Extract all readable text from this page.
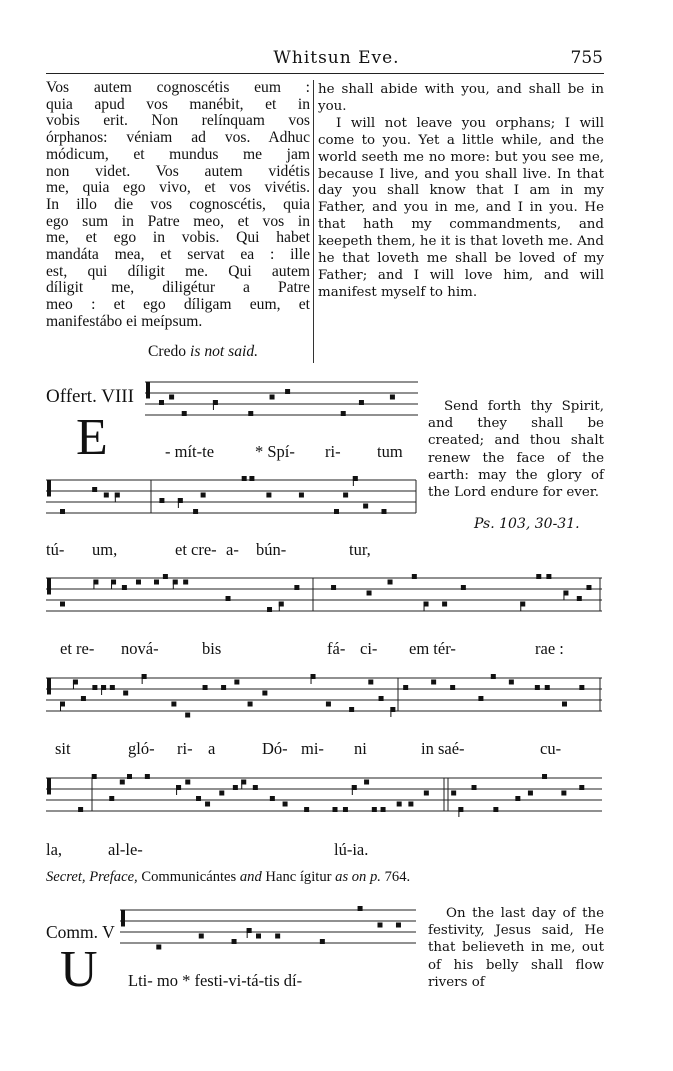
Whitsun Eve.	755

Vos autem cognoscétis eum :

quia apud vos manébit, et in

vobis erit. Non relínquam vos

órphanos: véniam ad vos. Adhuc

módicum, et mundus me jam

non videt. Vos autem vidétis

me, quia ego vivo, et vos vivétis.

In illo die vos cognoscétis, quia

ego sum in Patre meo, et vos in

me, et ego in vobis. Qui habet

mandáta mea, et servat ea : ille

est, qui díligit me. Qui autem

díligit me, diligétur a Patre

meo : et ego díligam eum, et

manifestábo ei meípsum.

he shall abide with you, and shall be in you.

I will not leave you orphans; I will come to you. Yet a little while, and the world seeth me no more: but you see me, because I live, and you shall live. In that day you shall know that I am in my Father, and you in me, and I in you. He that hath my commandments, and keepeth them, he it is that loveth me. And he that loveth me shall be loved of my Father; and I will love him, and will manifest myself to him.

Credo is not said.
Offert. VIII
E	- mít-te * Spí- ri- tum
tú- um,	et cre- a- bún-	tur,
et re- nová-	bis	fá- ci- em tér-	rae :
sit	gló- ri- a	Dó- mi- ni	in saé-	cu-
la,	al-le-	lú-ia.

Send forth thy Spirit, and they shall be created; and thou shalt renew the face of the earth: may the glory of the Lord endure for ever.

Ps. 103, 30-31.
Secret, Preface, Communicántes and Hanc ígitur as on p. 764.
Comm. V
U Lti- mo * festi-vi-tá-tis dí-

On the last day of the festivity, Jesus said, He that believeth in me, out of his belly shall flow rivers of
